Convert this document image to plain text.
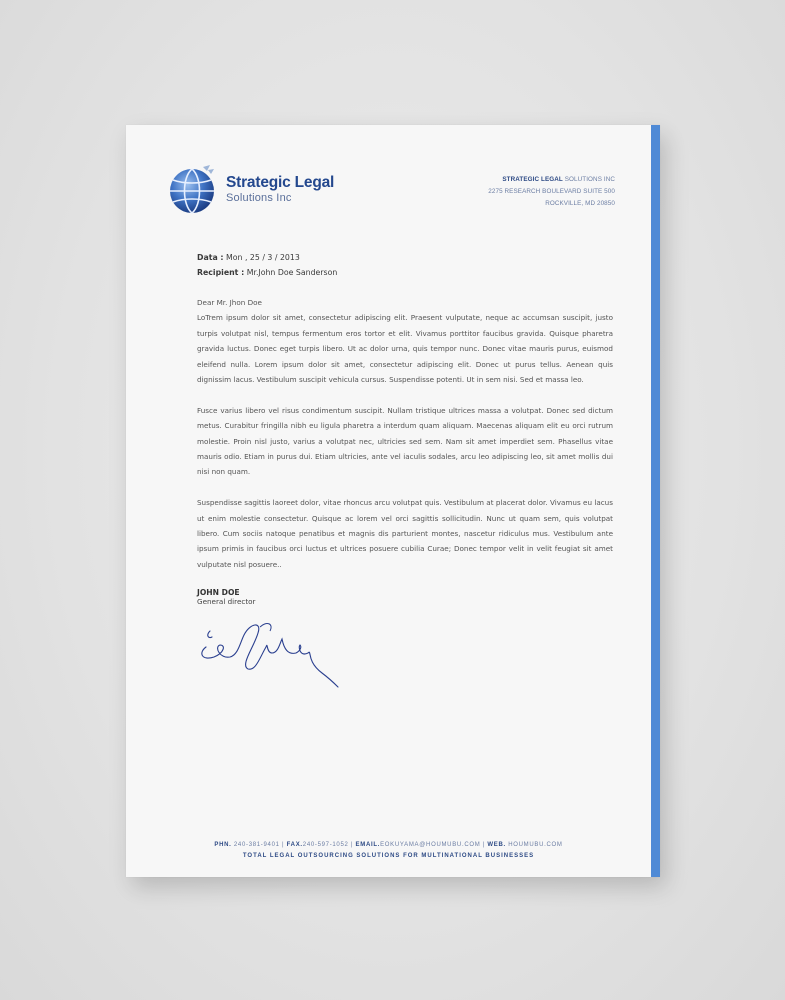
Strategic Legal

Solutions Inc

STRATEGIC LEGAL SOLUTIONS INC
2275 RESEARCH BOULEVARD SUITE 500
ROCKVILLE, MD 20850
Data : Mon , 25 / 3 / 2013
Recipient : Mr.John Doe Sanderson
Dear Mr. Jhon Doe

LoTrem ipsum dolor sit amet, consectetur adipiscing elit. Praesent vulputate, neque ac accumsan suscipit, justo turpis volutpat nisl, tempus fermentum eros tortor et elit. Vivamus porttitor faucibus gravida. Quisque pharetra gravida luctus. Donec eget turpis libero. Ut ac dolor urna, quis tempor nunc. Donec vitae mauris purus, euismod eleifend nulla. Lorem ipsum dolor sit amet, consectetur adipiscing elit. Donec ut purus tellus. Aenean quis dignissim lacus. Vestibulum suscipit vehicula cursus. Suspendisse potenti. Ut in sem nisi. Sed et massa leo.

Fusce varius libero vel risus condimentum suscipit. Nullam tristique ultrices massa a volutpat. Donec sed dictum metus. Curabitur fringilla nibh eu ligula pharetra a interdum quam aliquam. Maecenas aliquam elit eu orci rutrum molestie. Proin nisl justo, varius a volutpat nec, ultricies sed sem. Nam sit amet imperdiet sem. Phasellus vitae mauris odio. Etiam in purus dui. Etiam ultricies, ante vel iaculis sodales, arcu leo adipiscing leo, sit amet mollis dui nisi non quam.

Suspendisse sagittis laoreet dolor, vitae rhoncus arcu volutpat quis. Vestibulum at placerat dolor. Vivamus eu lacus ut enim molestie consectetur. Quisque ac lorem vel orci sagittis sollicitudin. Nunc ut quam sem, quis volutpat libero. Cum sociis natoque penatibus et magnis dis parturient montes, nascetur ridiculus mus. Vestibulum ante ipsum primis in faucibus orci luctus et ultrices posuere cubilia Curae; Donec tempor velit in velit feugiat sit amet vulputate nisl posuere..

JOHN DOE
General director
PHN. 240-381-9401 | FAX.240-597-1052 | EMAIL.EOKUYAMA@HOUMUBU.COM | WEB. HOUMUBU.COM
TOTAL LEGAL OUTSOURCING SOLUTIONS FOR MULTINATIONAL BUSINESSES
